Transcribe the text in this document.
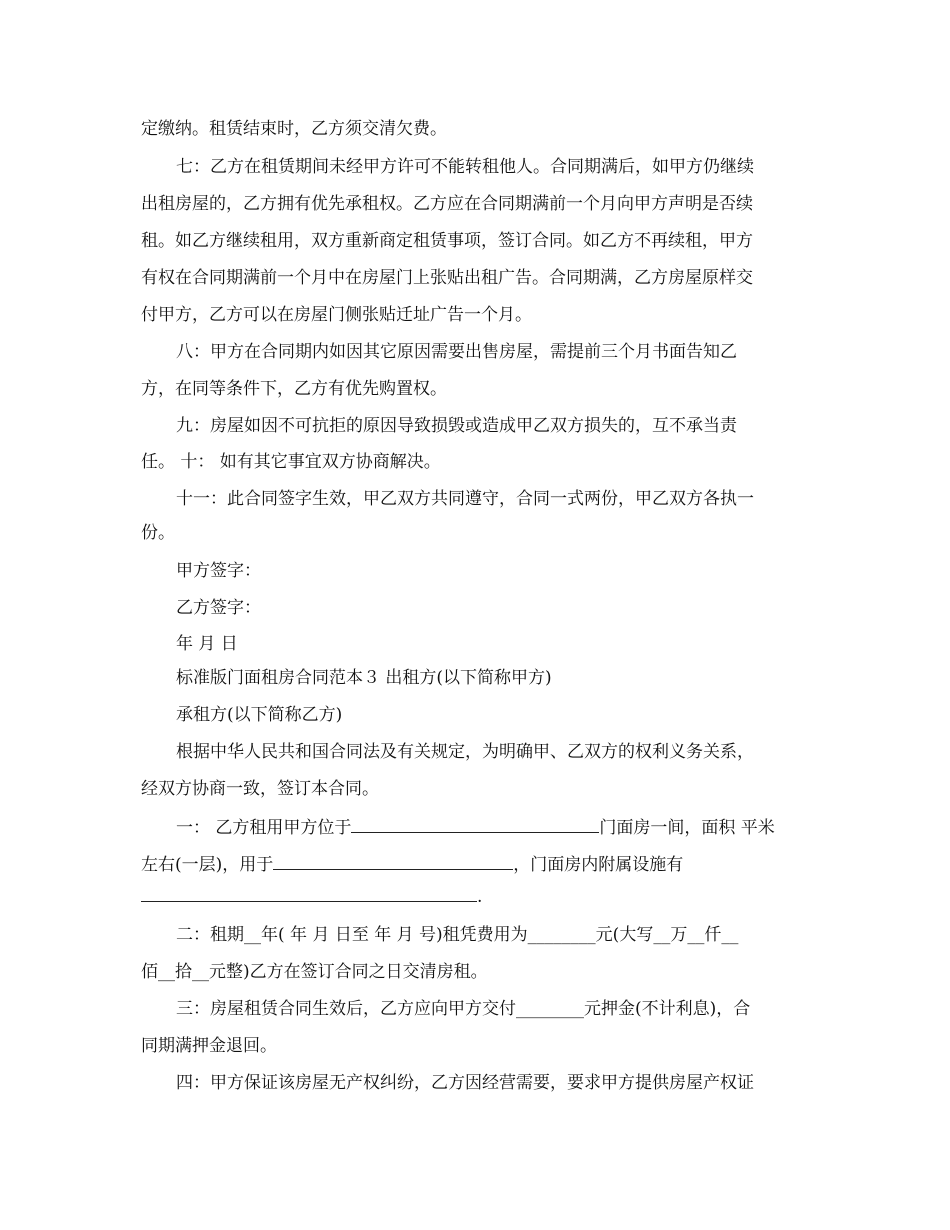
定缴纳。租赁结束时，乙方须交清欠费。
七：乙方在租赁期间未经甲方许可不能转租他人。合同期满后，如甲方仍继续
出租房屋的，乙方拥有优先承租权。乙方应在合同期满前一个月向甲方声明是否续
租。如乙方继续租用，双方重新商定租赁事项，签订合同。如乙方不再续租，甲方
有权在合同期满前一个月中在房屋门上张贴出租广告。合同期满，乙方房屋原样交
付甲方，乙方可以在房屋门侧张贴迁址广告一个月。
八：甲方在合同期内如因其它原因需要出售房屋，需提前三个月书面告知乙
方，在同等条件下，乙方有优先购置权。
九：房屋如因不可抗拒的原因导致损毁或造成甲乙双方损失的，互不承当责
任。 十： 如有其它事宜双方协商解决。
十一：此合同签字生效，甲乙双方共同遵守，合同一式两份，甲乙双方各执一
份。
甲方签字：
乙方签字：
年 月 日
标准版门面租房合同范本３ 出租方(以下简称甲方)
承租方(以下简称乙方)
根据中华人民共和国合同法及有关规定，为明确甲、乙双方的权利义务关系，
经双方协商一致，签订本合同。
一： 乙方租用甲方位于	门面房一间，面积 平米
左右(一层)，用于	，门面房内附属设施有
.
二：租期__年( 年 月 日至 年 月 号)租凭费用为________元(大写__万__仟__
佰__拾__元整)乙方在签订合同之日交清房租。
三：房屋租赁合同生效后，乙方应向甲方交付________元押金(不计利息)，合
同期满押金退回。
四：甲方保证该房屋无产权纠纷，乙方因经营需要，要求甲方提供房屋产权证
